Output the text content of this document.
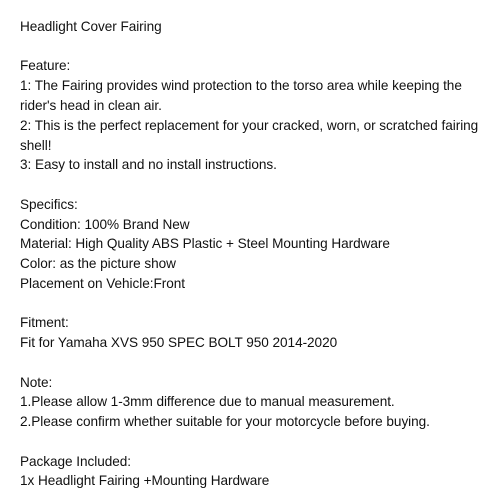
Headlight Cover Fairing
Feature:
1: The Fairing provides wind protection to the torso area while keeping the rider's head in clean air.
2: This is the perfect replacement for your cracked, worn, or scratched fairing shell!
3: Easy to install and no install instructions.
Specifics:
Condition: 100% Brand New
Material: High Quality ABS Plastic + Steel Mounting Hardware
Color: as the picture show
Placement on Vehicle:Front
Fitment:
Fit for Yamaha XVS 950 SPEC BOLT 950 2014-2020
Note:
1.Please allow 1-3mm difference due to manual measurement.
2.Please confirm whether suitable for your motorcycle before buying.
Package Included:
1x Headlight Fairing +Mounting Hardware
